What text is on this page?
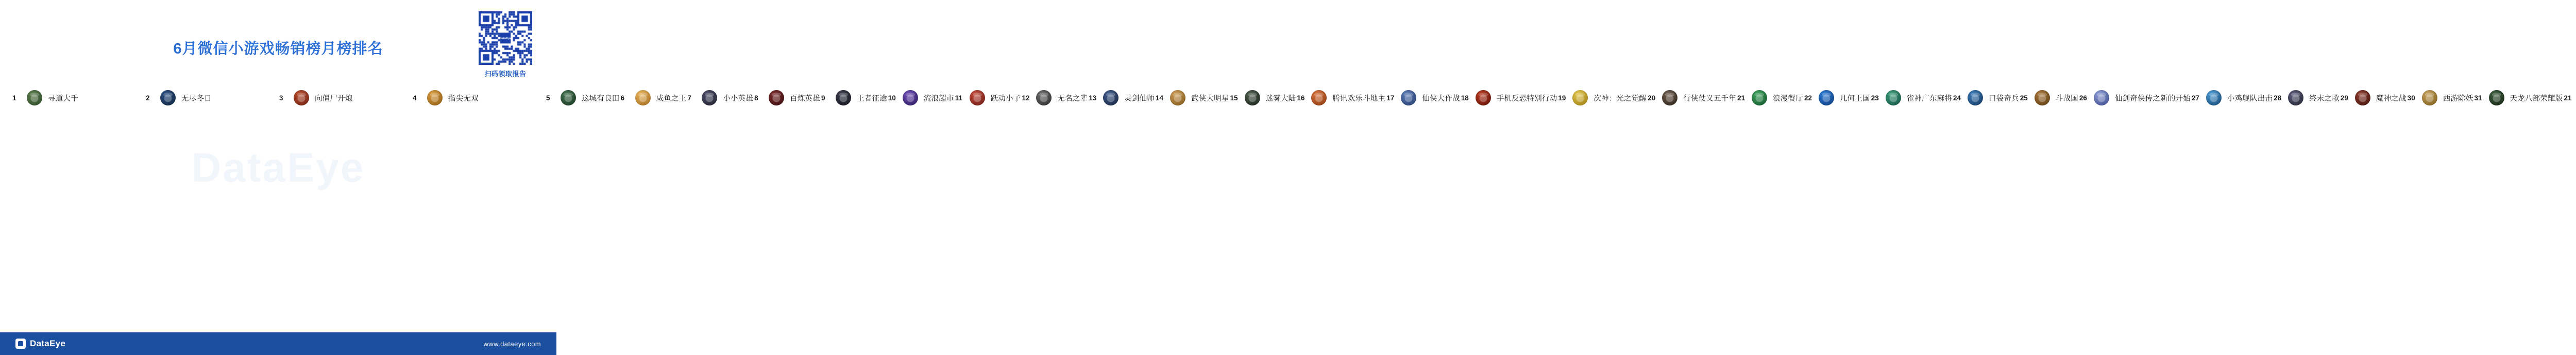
DataEye
6月微信小游戏畅销榜月榜排名
扫码领取报告
1	寻道大千	2	无尽冬日	3	向僵尸开炮	4	指尖无双	5	这城有良田 6	咸鱼之王 7	小小英雄 8	百炼英雄 9	王者征途 10	流浪超市 11	跃动小子 12	无名之辈 13	灵剑仙师 14	武侠大明星 15	迷雾大陆 16	腾讯欢乐斗地主 17	仙侠大作战 18	手机反恐特别行动 19	次神：光之觉醒 20	行侠仗义五千年 21	浪漫餐厅 22	几何王国 23	雀神广东麻将 24	口袋奇兵 25	斗战国 26	仙剑奇侠传之新的开始 27	小鸡舰队出击 28	终末之歌 29	魔神之战 30	西游除妖 31	天龙八部荣耀版 21
DataEye	www.dataeye.com
